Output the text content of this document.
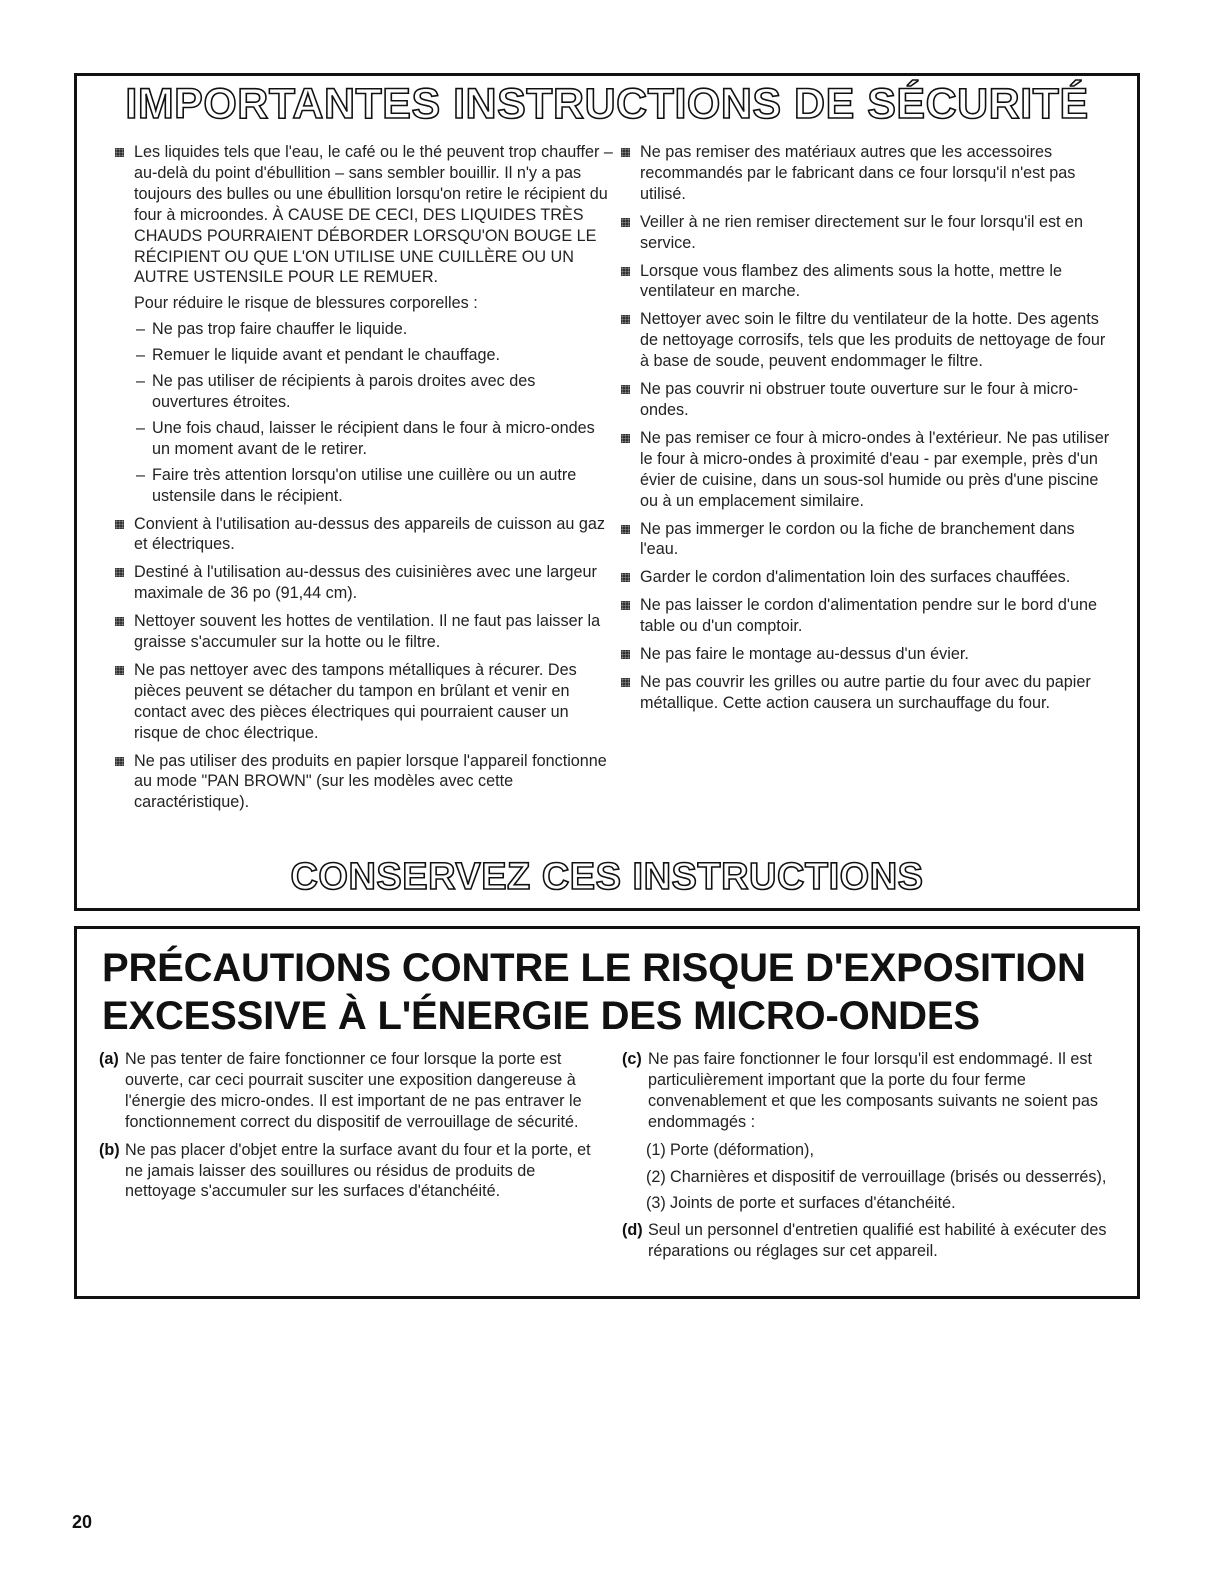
IMPORTANTES INSTRUCTIONS DE SÉCURITÉ

Les liquides tels que l'eau, le café ou le thé peuvent trop chauffer – au-delà du point d'ébullition – sans sembler bouillir. Il n'y a pas toujours des bulles ou une ébullition lorsqu'on retire le récipient du four à microondes. À CAUSE DE CECI, DES LIQUIDES TRÈS CHAUDS POURRAIENT DÉBORDER LORSQU'ON BOUGE LE RÉCIPIENT OU QUE L'ON UTILISE UNE CUILLÈRE OU UN AUTRE USTENSILE POUR LE REMUER.

Pour réduire le risque de blessures corporelles :

– Ne pas trop faire chauffer le liquide.
– Remuer le liquide avant et pendant le chauffage.
– Ne pas utiliser de récipients à parois droites avec des ouvertures étroites.
– Une fois chaud, laisser le récipient dans le four à micro-ondes un moment avant de le retirer.
– Faire très attention lorsqu'on utilise une cuillère ou un autre ustensile dans le récipient.

Convient à l'utilisation au-dessus des appareils de cuisson au gaz et électriques.

Destiné à l'utilisation au-dessus des cuisinières avec une largeur maximale de 36 po (91,44 cm).

Nettoyer souvent les hottes de ventilation. Il ne faut pas laisser la graisse s'accumuler sur la hotte ou le filtre.

Ne pas nettoyer avec des tampons métalliques à récurer. Des pièces peuvent se détacher du tampon en brûlant et venir en contact avec des pièces électriques qui pourraient causer un risque de choc électrique.

Ne pas utiliser des produits en papier lorsque l'appareil fonctionne au mode "PAN BROWN" (sur les modèles avec cette caractéristique).

Ne pas remiser des matériaux autres que les accessoires recommandés par le fabricant dans ce four lorsqu'il n'est pas utilisé.

Veiller à ne rien remiser directement sur le four lorsqu'il est en service.

Lorsque vous flambez des aliments sous la hotte, mettre le ventilateur en marche.

Nettoyer avec soin le filtre du ventilateur de la hotte. Des agents de nettoyage corrosifs, tels que les produits de nettoyage de four à base de soude, peuvent endommager le filtre.

Ne pas couvrir ni obstruer toute ouverture sur le four à micro-ondes.

Ne pas remiser ce four à micro-ondes à l'extérieur. Ne pas utiliser le four à micro-ondes à proximité d'eau - par exemple, près d'un évier de cuisine, dans un sous-sol humide ou près d'une piscine ou à un emplacement similaire.

Ne pas immerger le cordon ou la fiche de branchement dans l'eau.

Garder le cordon d'alimentation loin des surfaces chauffées.

Ne pas laisser le cordon d'alimentation pendre sur le bord d'une table ou d'un comptoir.

Ne pas faire le montage au-dessus d'un évier.

Ne pas couvrir les grilles ou autre partie du four avec du papier métallique. Cette action causera un surchauffage du four.

CONSERVEZ CES INSTRUCTIONS
PRÉCAUTIONS CONTRE LE RISQUE D'EXPOSITION
EXCESSIVE À L'ÉNERGIE DES MICRO-ONDES
(a) Ne pas tenter de faire fonctionner ce four lorsque la porte est ouverte, car ceci pourrait susciter une exposition dangereuse à l'énergie des micro-ondes. Il est important de ne pas entraver le fonctionnement correct du dispositif de verrouillage de sécurité.
(b) Ne pas placer d'objet entre la surface avant du four et la porte, et ne jamais laisser des souillures ou résidus de produits de nettoyage s'accumuler sur les surfaces d'étanchéité.
(c) Ne pas faire fonctionner le four lorsqu'il est endommagé. Il est particulièrement important que la porte du four ferme convenablement et que les composants suivants ne soient pas endommagés :
(1) Porte (déformation),
(2) Charnières et dispositif de verrouillage (brisés ou desserrés),
(3) Joints de porte et surfaces d'étanchéité.
(d) Seul un personnel d'entretien qualifié est habilité à exécuter des réparations ou réglages sur cet appareil.
20
